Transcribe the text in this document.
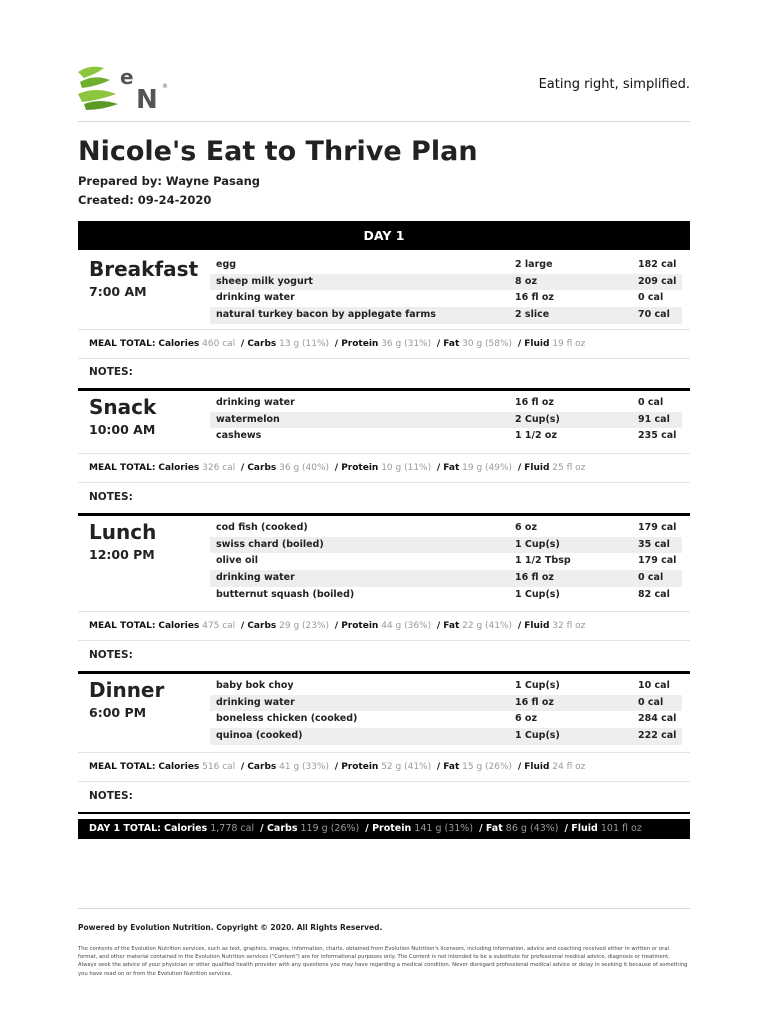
e
N ®	Eating right, simplified.
Nicole's Eat to Thrive Plan
Prepared by: Wayne Pasang
Created: 09-24-2020
DAY 1
Breakfast
7:00 AM
egg	2 large	182 cal
sheep milk yogurt	8 oz	209 cal
drinking water	16 fl oz	0 cal
natural turkey bacon by applegate farms	2 slice	70 cal
MEAL TOTAL: Calories 460 cal / Carbs 13 g (11%) / Protein 36 g (31%) / Fat 30 g (58%) / Fluid 19 fl oz
NOTES:
Snack
10:00 AM
drinking water	16 fl oz	0 cal
watermelon	2 Cup(s)	91 cal
cashews	1 1/2 oz	235 cal
MEAL TOTAL: Calories 326 cal / Carbs 36 g (40%) / Protein 10 g (11%) / Fat 19 g (49%) / Fluid 25 fl oz
NOTES:
Lunch
12:00 PM
cod fish (cooked)	6 oz	179 cal
swiss chard (boiled)	1 Cup(s)	35 cal
olive oil	1 1/2 Tbsp	179 cal
drinking water	16 fl oz	0 cal
butternut squash (boiled)	1 Cup(s)	82 cal
MEAL TOTAL: Calories 475 cal / Carbs 29 g (23%) / Protein 44 g (36%) / Fat 22 g (41%) / Fluid 32 fl oz
NOTES:
Dinner
6:00 PM
baby bok choy	1 Cup(s)	10 cal
drinking water	16 fl oz	0 cal
boneless chicken (cooked)	6 oz	284 cal
quinoa (cooked)	1 Cup(s)	222 cal
MEAL TOTAL: Calories 516 cal / Carbs 41 g (33%) / Protein 52 g (41%) / Fat 15 g (26%) / Fluid 24 fl oz
NOTES:
DAY 1 TOTAL: Calories 1,778 cal / Carbs 119 g (26%) / Protein 141 g (31%) / Fat 86 g (43%) / Fluid 101 fl oz
Powered by Evolution Nutrition. Copyright © 2020. All Rights Reserved.
The contents of the Evolution Nutrition services, such as text, graphics, images, information, charts, obtained from Evolution Nutrition's licensors, including information, advice and coaching received either in written or oral format, and other material contained in the Evolution Nutrition services ("Content") are for informational purposes only. The Content is not intended to be a substitute for professional medical advice, diagnosis or treatment. Always seek the advice of your physician or other qualified health provider with any questions you may have regarding a medical condition. Never disregard professional medical advice or delay in seeking it because of something you have read on or from the Evolution Nutrition services.
